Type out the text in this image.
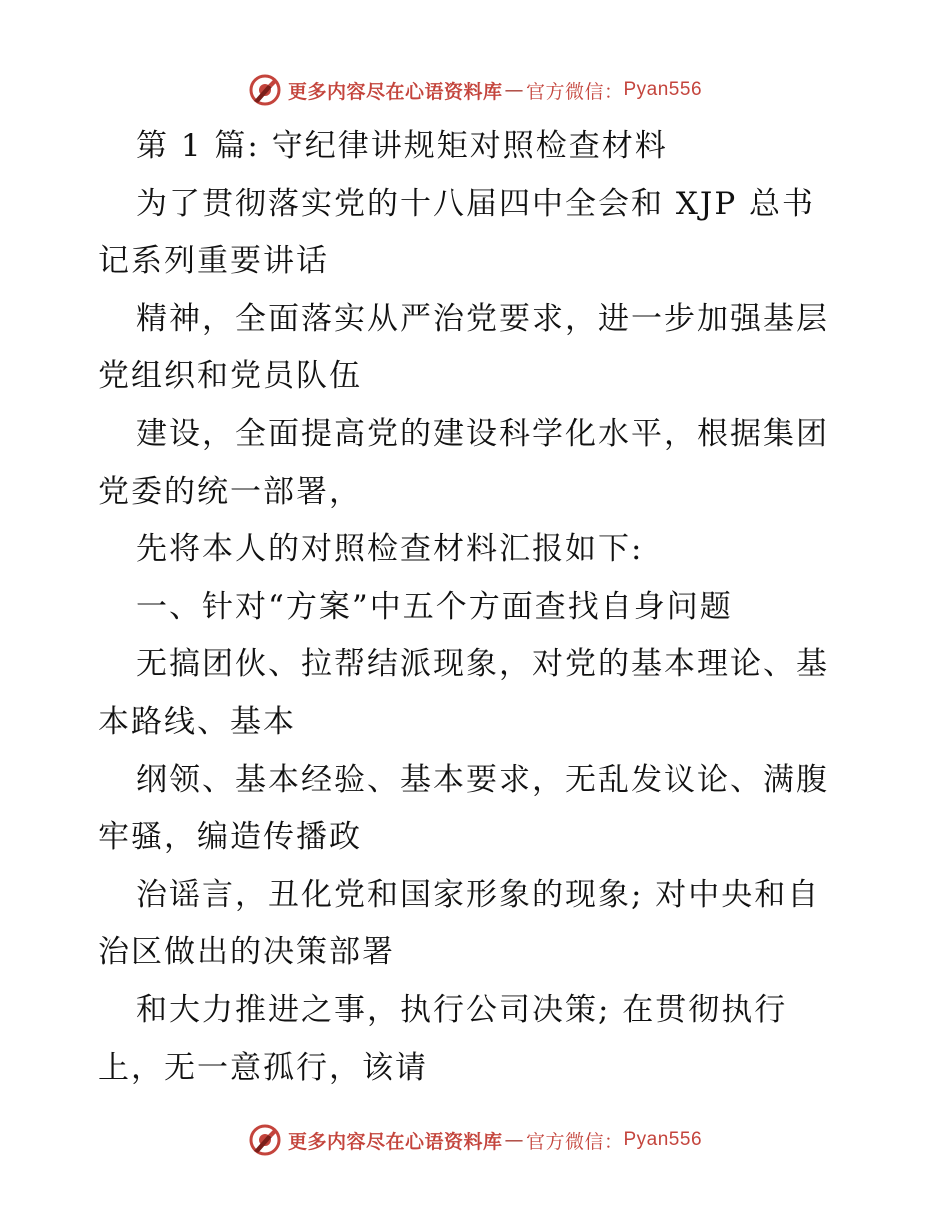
更多内容尽在心语资料库 — 官方微信： Pyan556
第 1 篇: 守纪律讲规矩对照检查材料
为了贯彻落实党的十八届四中全会和 XJP 总书
记系列重要讲话
精神，全面落实从严治党要求，进一步加强基层
党组织和党员队伍
建设，全面提高党的建设科学化水平，根据集团
党委的统一部署，
先将本人的对照检查材料汇报如下:
一、针对“方案”中五个方面查找自身问题
无搞团伙、拉帮结派现象，对党的基本理论、基
本路线、基本
纲领、基本经验、基本要求，无乱发议论、满腹
牢骚，编造传播政
治谣言，丑化党和国家形象的现象; 对中央和自
治区做出的决策部署
和大力推进之事，执行公司决策; 在贯彻执行
上，无一意孤行，该请
更多内容尽在心语资料库 — 官方微信： Pyan556
